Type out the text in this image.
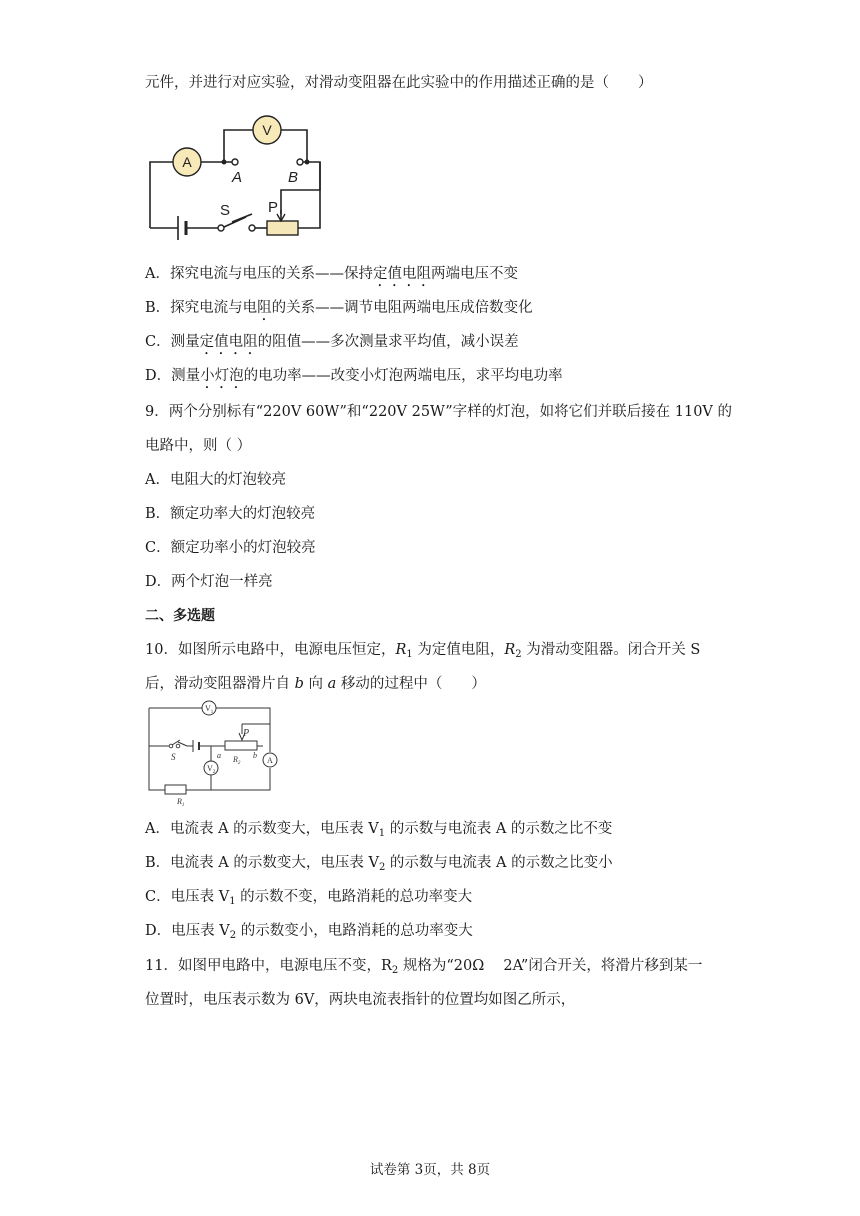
元件，并进行对应实验，对滑动变阻器在此实验中的作用描述正确的是（　　）
A
V
A	B
S	P
A．探究电流与电压的关系——保持定值电阻两端电压不变
B．探究电流与电阻的关系——调节电阻两端电压成倍数变化
C．测量定值电阻的阻值——多次测量求平均值，减小误差
D．测量小灯泡的电功率——改变小灯泡两端电压，求平均电功率
9．两个分别标有“220V 60W”和“220V 25W”字样的灯泡，如将它们并联后接在 110V 的
电路中，则（ ）
A．电阻大的灯泡较亮
B．额定功率大的灯泡较亮
C．额定功率小的灯泡较亮
D．两个灯泡一样亮
二、多选题
10．如图所示电路中，电源电压恒定，$R_1$ 为定值电阻，$R_2$ 为滑动变阻器。闭合开关 S
后，滑动变阻器滑片自 b 向 a 移动的过程中（　　）
$V_1$
$V_2$
A
S
P
$R_2$
a	b
$R_1$
A．电流表 A 的示数变大，电压表 $V_1$ 的示数与电流表 A 的示数之比不变
B．电流表 A 的示数变大，电压表 $V_2$ 的示数与电流表 A 的示数之比变小
C．电压表 $V_1$ 的示数不变，电路消耗的总功率变大
D．电压表 $V_2$ 的示数变小，电路消耗的总功率变大
11．如图甲电路中，电源电压不变，$R_2$ 规格为“20Ω　 2A”闭合开关，将滑片移到某一
位置时，电压表示数为 6V，两块电流表指针的位置均如图乙所示，
试卷第 3页，共 8页
